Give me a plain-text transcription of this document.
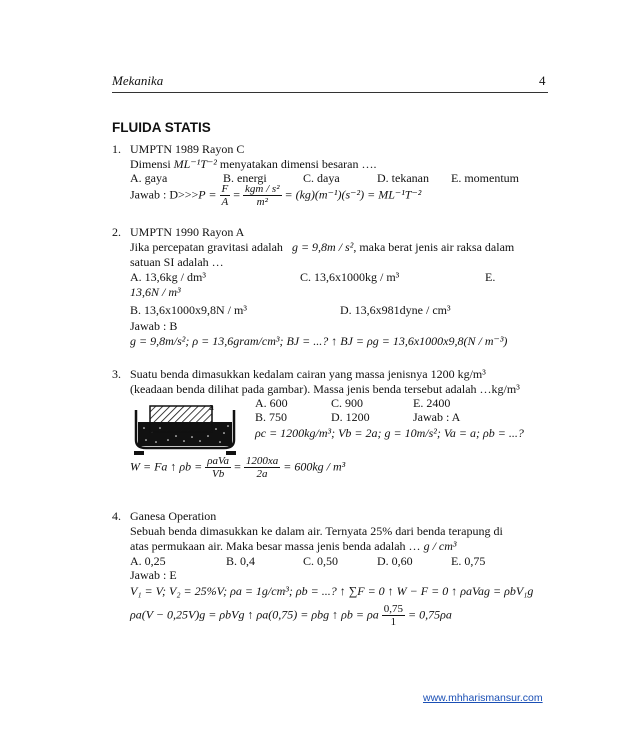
Mekanika	4
FLUIDA STATIS
1. UMPTN 1989 Rayon C
Dimensi ML⁻¹T⁻² menyatakan dimensi besaran ….
A. gaya	B. energi	C. daya	D. tekanan E. momentum
Jawab : $D>>>P = \frac{F}{A} = \frac{\text{kgm / s²}}{\text{m²}} = (kg)(m^{-1})(s^{-2}) = ML^{-1}T^{-2}$
2. UMPTN 1990 Rayon A
Jika percepatan gravitasi adalah g = 9,8m / s², maka berat jenis air raksa dalam
satuan SI adalah …
A. 13,6kg / dm³	C. 13,6x1000kg / m³	E.
13,6N / m³
B. 13,6x1000x9,8N / m³	D. 13,6x981dyne / cm³
Jawab : B
g = 9,8m/s²; ρ = 13,6gram/cm³; BJ = ...? ↑ BJ = ρg = 13,6x1000x9,8(N / m⁻³)
3. Suatu benda dimasukkan kedalam cairan yang massa jenisnya 1200 kg/m³
(keadaan benda dilihat pada gambar). Massa jenis benda tersebut adalah …kg/m³
a	A. 600	C. 900	E. 2400
B. 750	D. 1200	Jawab : A
ρc = 1200kg/m³; Vb = 2a; g = 10m/s²; Va = a; ρb = ...?
W = Fa ↑ $\rho b = \frac{\text{ρaVa}}{Vb} = \frac{1200xa}{2a} = 600kg / m^3$
4. Ganesa Operation
Sebuah benda dimasukkan ke dalam air. Ternyata 25% dari benda terapung di
atas permukaan air. Maka besar massa jenis benda adalah … g / cm³
A. 0,25	B. 0,4	C. 0,50	D. 0,60	E. 0,75
Jawab : E
V₁ = V; V₂ = 25%V; ρa = 1g/cm³; ρb = ...? ↑ ∑F = 0 ↑ W − F = 0 ↑ ρaVag = ρbV₁g
ρa(V − 0,25V)g = ρbVg ↑ ρa(0,75) = ρbg ↑ ρb = ρa $\frac{0,75}{1} = 0,75\rho a$
www.mhharismansur.com
